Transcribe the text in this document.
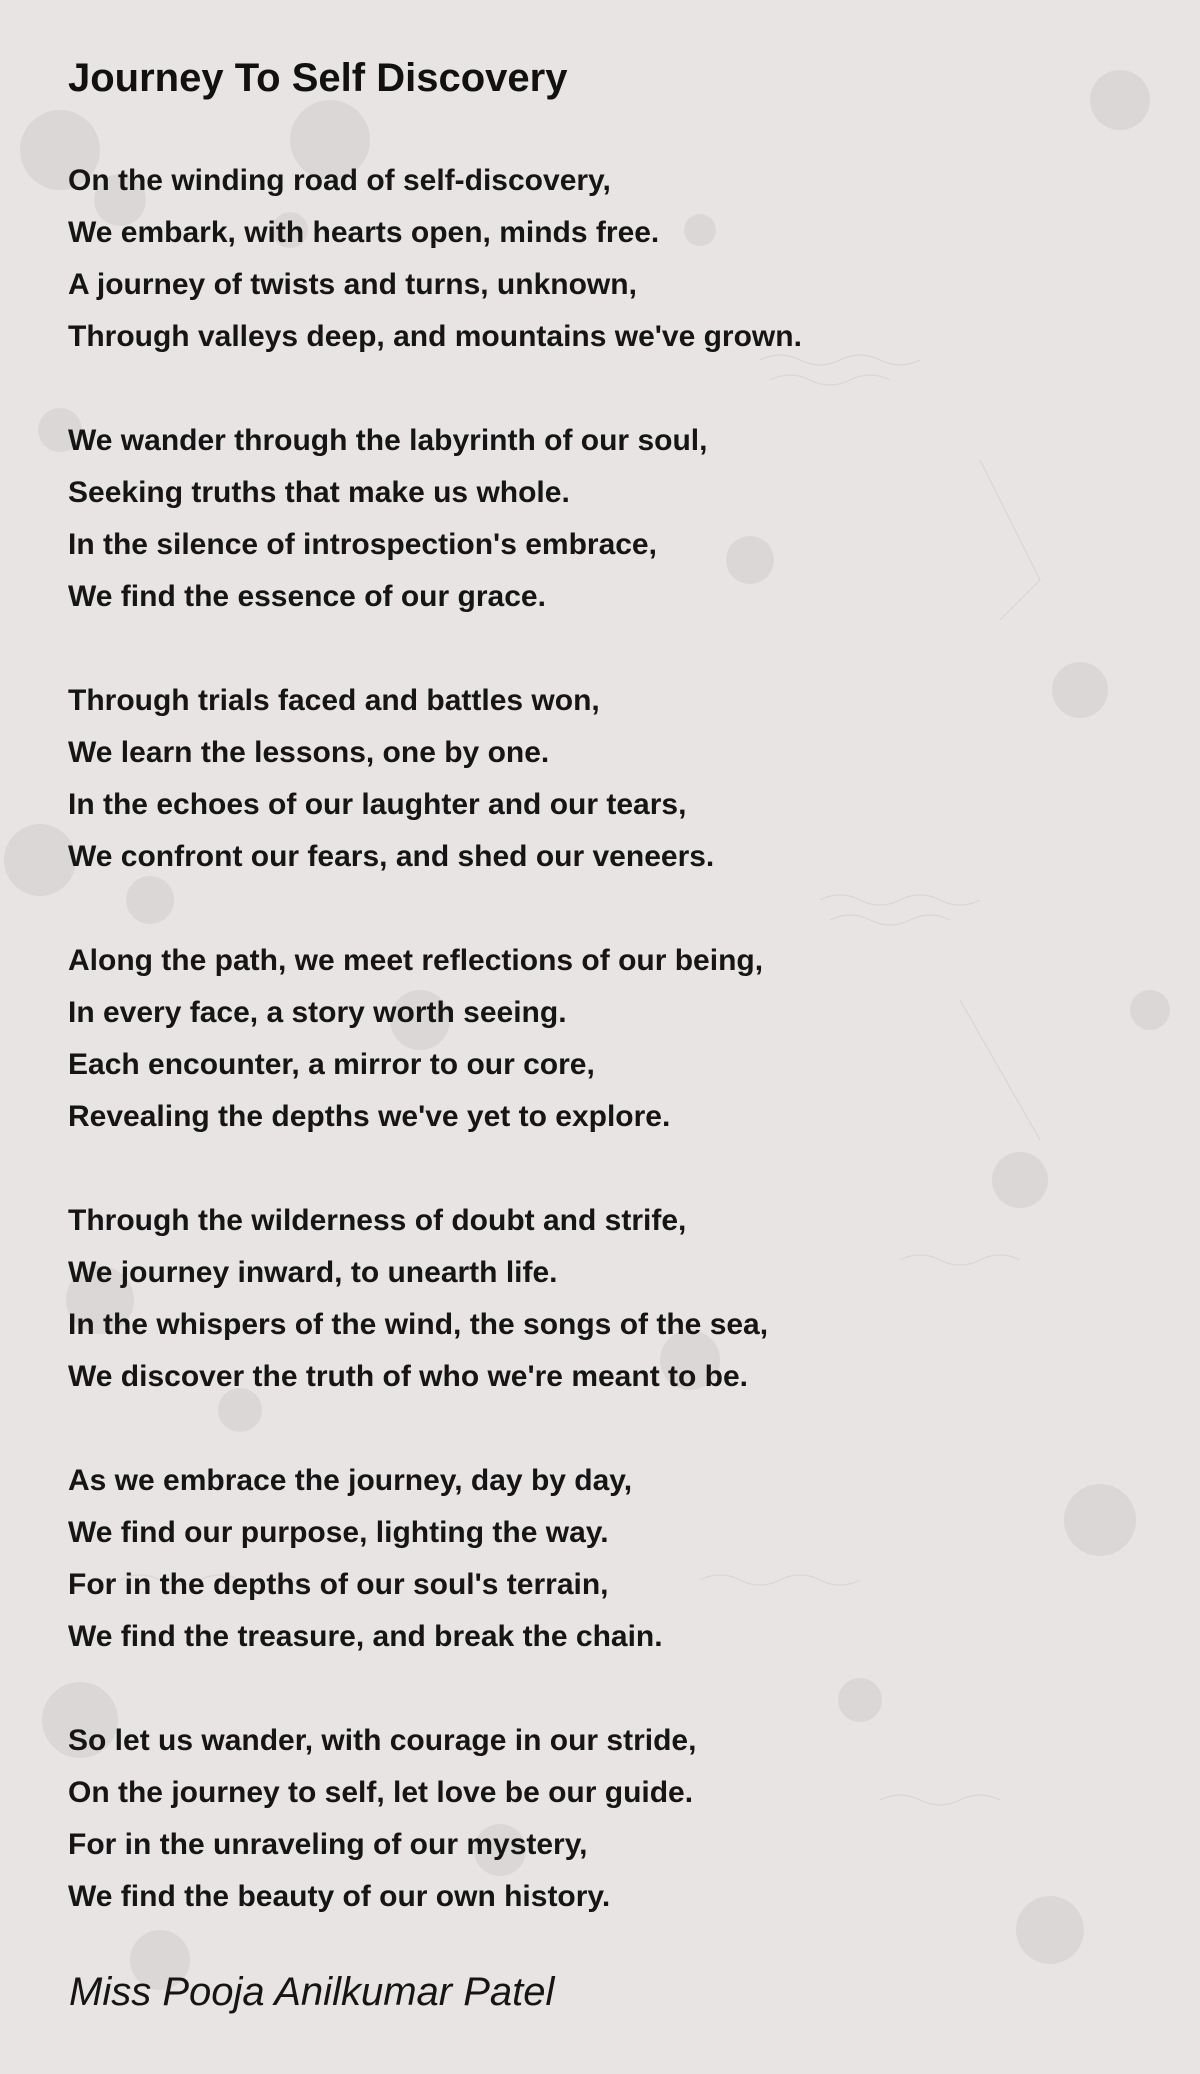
Journey To Self Discovery
On the winding road of self-discovery,
We embark, with hearts open, minds free.
A journey of twists and turns, unknown,
Through valleys deep, and mountains we've grown.
We wander through the labyrinth of our soul,
Seeking truths that make us whole.
In the silence of introspection's embrace,
We find the essence of our grace.
Through trials faced and battles won,
We learn the lessons, one by one.
In the echoes of our laughter and our tears,
We confront our fears, and shed our veneers.
Along the path, we meet reflections of our being,
In every face, a story worth seeing.
Each encounter, a mirror to our core,
Revealing the depths we've yet to explore.
Through the wilderness of doubt and strife,
We journey inward, to unearth life.
In the whispers of the wind, the songs of the sea,
We discover the truth of who we're meant to be.
As we embrace the journey, day by day,
We find our purpose, lighting the way.
For in the depths of our soul's terrain,
We find the treasure, and break the chain.
So let us wander, with courage in our stride,
On the journey to self, let love be our guide.
For in the unraveling of our mystery,
We find the beauty of our own history.
Miss Pooja Anilkumar Patel
